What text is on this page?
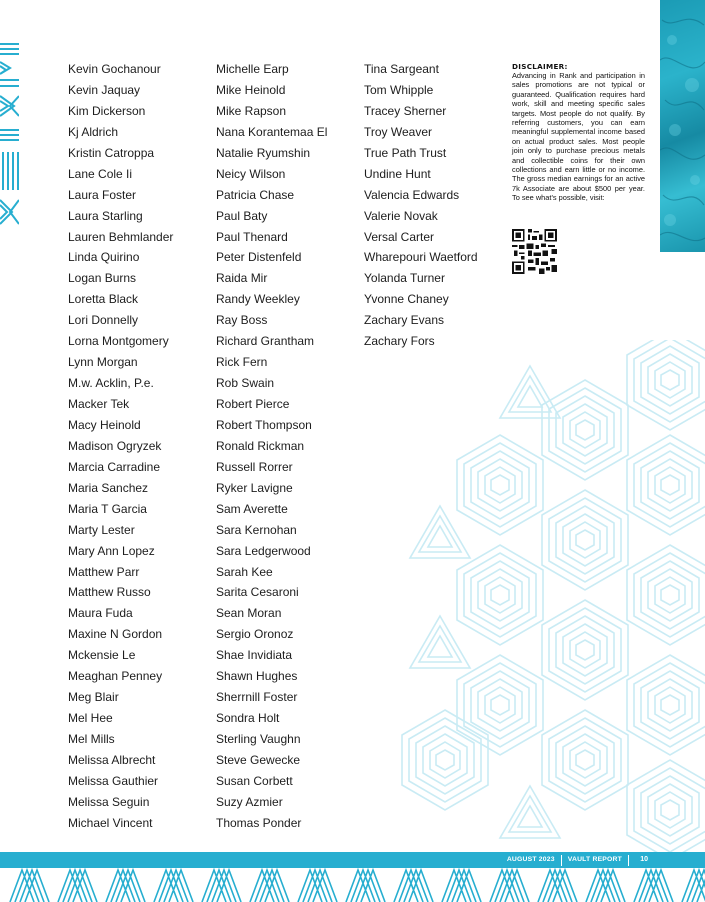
Kevin Gochanour
Kevin Jaquay
Kim Dickerson
Kj Aldrich
Kristin Catroppa
Lane Cole Ii
Laura Foster
Laura Starling
Lauren Behmlander
Linda Quirino
Logan Burns
Loretta Black
Lori Donnelly
Lorna Montgomery
Lynn Morgan
M.w. Acklin, P.e.
Macker Tek
Macy Heinold
Madison Ogryzek
Marcia Carradine
Maria Sanchez
Maria T Garcia
Marty Lester
Mary Ann Lopez
Matthew Parr
Matthew Russo
Maura Fuda
Maxine N Gordon
Mckensie Le
Meaghan Penney
Meg Blair
Mel Hee
Mel Mills
Melissa Albrecht
Melissa Gauthier
Melissa Seguin
Michael Vincent
Michelle Earp
Mike Heinold
Mike Rapson
Nana Korantemaa El
Natalie Ryumshin
Neicy Wilson
Patricia Chase
Paul Baty
Paul Thenard
Peter Distenfeld
Raida Mir
Randy Weekley
Ray Boss
Richard Grantham
Rick Fern
Rob Swain
Robert Pierce
Robert Thompson
Ronald Rickman
Russell Rorrer
Ryker Lavigne
Sam Averette
Sara Kernohan
Sara Ledgerwood
Sarah Kee
Sarita Cesaroni
Sean Moran
Sergio Oronoz
Shae Invidiata
Shawn Hughes
Sherrnill Foster
Sondra Holt
Sterling Vaughn
Steve Gewecke
Susan Corbett
Suzy Azmier
Thomas Ponder
Tina Sargeant
Tom Whipple
Tracey Sherner
Troy Weaver
True Path Trust
Undine Hunt
Valencia Edwards
Valerie Novak
Versal Carter
Wharepouri Waetford
Yolanda Turner
Yvonne Chaney
Zachary Evans
Zachary Fors
DISCLAIMER:

Advancing in Rank and participation in sales promotions are not typical or guaranteed. Qualification requires hard work, skill and meeting specific sales targets. Most people do not qualify. By referring customers, you can earn meaningful supplemental income based on actual product sales. Most people join only to purchase precious metals and collectible coins for their own collections and earn little or no income. The gross median earnings for an active 7k Associate are about $500 per year. To see what's possible, visit:

AUGUST 2023 VAULT REPORT	10
